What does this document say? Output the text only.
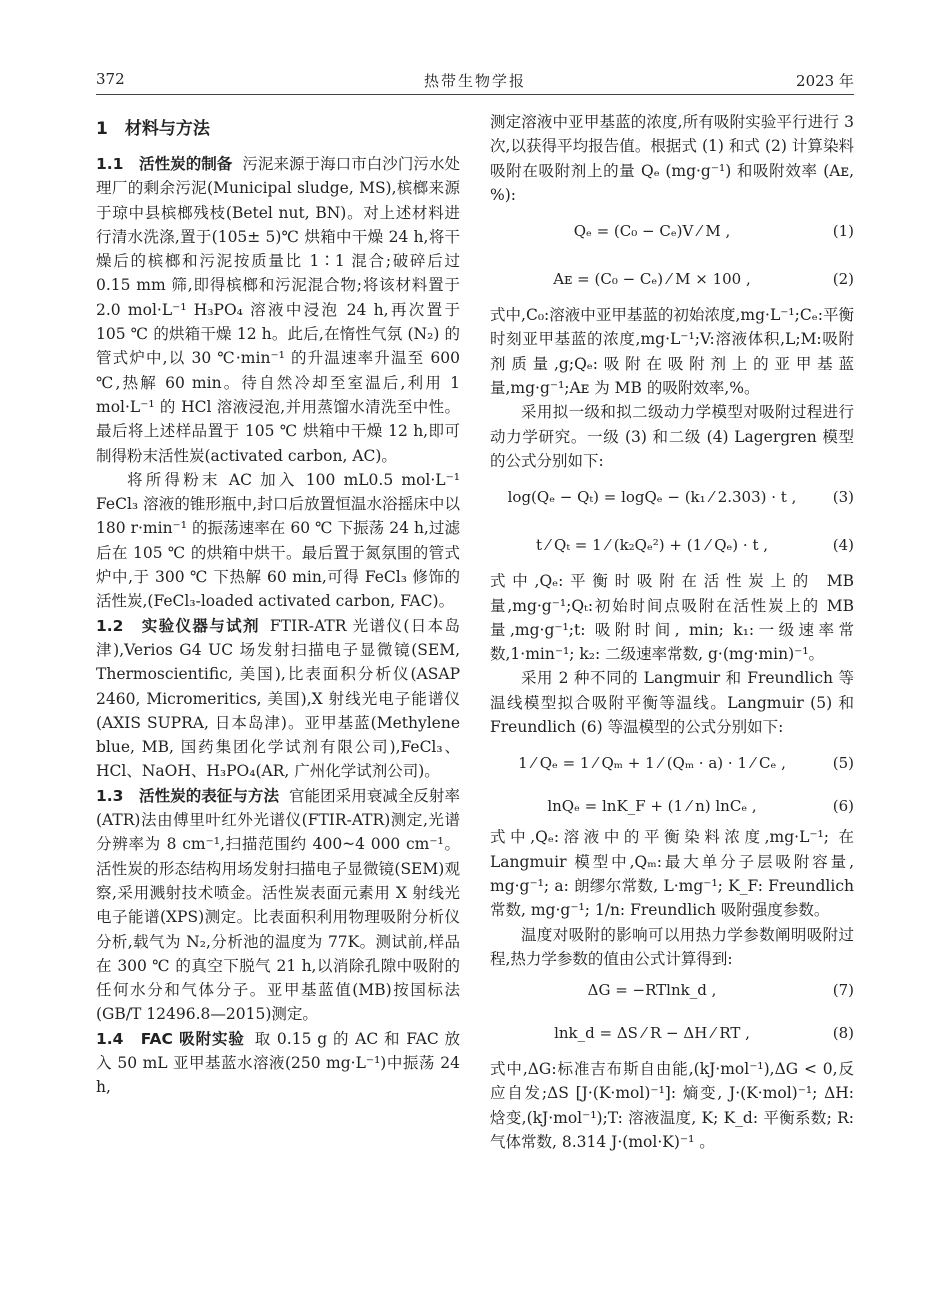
372	热带生物学报	2023 年
1　材料与方法

1.1　活性炭的制备 污泥来源于海口市白沙门污水处理厂的剩余污泥(Municipal sludge, MS),槟榔来源于琼中县槟榔残枝(Betel nut, BN)。对上述材料进行清水洗涤,置于(105± 5)℃ 烘箱中干燥 24 h,将干燥后的槟榔和污泥按质量比 1∶1 混合;破碎后过 0.15 mm 筛,即得槟榔和污泥混合物;将该材料置于 2.0 mol·L⁻¹ H₃PO₄ 溶液中浸泡 24 h,再次置于 105 ℃ 的烘箱干燥 12 h。此后,在惰性气氛 (N₂) 的管式炉中,以 30 ℃·min⁻¹ 的升温速率升温至 600 ℃,热解 60 min。待自然冷却至室温后,利用 1 mol·L⁻¹ 的 HCl 溶液浸泡,并用蒸馏水清洗至中性。最后将上述样品置于 105 ℃ 烘箱中干燥 12 h,即可制得粉末活性炭(activated carbon, AC)。

将所得粉末 AC 加入 100 mL0.5 mol·L⁻¹ FeCl₃ 溶液的锥形瓶中,封口后放置恒温水浴摇床中以 180 r·min⁻¹ 的振荡速率在 60 ℃ 下振荡 24 h,过滤后在 105 ℃ 的烘箱中烘干。最后置于氮氛围的管式炉中,于 300 ℃ 下热解 60 min,可得 FeCl₃ 修饰的活性炭,(FeCl₃-loaded activated carbon, FAC)。

1.2　实验仪器与试剂 FTIR-ATR 光谱仪(日本岛津),Verios G4 UC 场发射扫描电子显微镜(SEM, Thermoscientific, 美国),比表面积分析仪(ASAP 2460, Micromeritics, 美国),X 射线光电子能谱仪(AXIS SUPRA, 日本岛津)。亚甲基蓝(Methylene blue, MB, 国药集团化学试剂有限公司),FeCl₃、HCl、NaOH、H₃PO₄(AR, 广州化学试剂公司)。

1.3　活性炭的表征与方法 官能团采用衰减全反射率(ATR)法由傅里叶红外光谱仪(FTIR-ATR)测定,光谱分辨率为 8 cm⁻¹,扫描范围约 400~4 000 cm⁻¹。活性炭的形态结构用场发射扫描电子显微镜(SEM)观察,采用溅射技术喷金。活性炭表面元素用 X 射线光电子能谱(XPS)测定。比表面积利用物理吸附分析仪分析,载气为 N₂,分析池的温度为 77K。测试前,样品在 300 ℃ 的真空下脱气 21 h,以消除孔隙中吸附的任何水分和气体分子。亚甲基蓝值(MB)按国标法(GB/T 12496.8—2015)测定。

1.4　FAC 吸附实验 取 0.15 g 的 AC 和 FAC 放入 50 mL 亚甲基蓝水溶液(250 mg·L⁻¹)中振荡 24 h,

测定溶液中亚甲基蓝的浓度,所有吸附实验平行进行 3 次,以获得平均报告值。根据式 (1) 和式 (2) 计算染料吸附在吸附剂上的量 Qₑ (mg·g⁻¹) 和吸附效率 (Aᴇ, %):

Qₑ = (C₀ − Cₑ)V ⁄ M ,	(1)
Aᴇ = (C₀ − Cₑ) ⁄ M × 100 ,	(2)

式中,C₀:溶液中亚甲基蓝的初始浓度,mg·L⁻¹;Cₑ:平衡时刻亚甲基蓝的浓度,mg·L⁻¹;V:溶液体积,L;M:吸附剂质量,g;Qₑ:吸附在吸附剂上的亚甲基蓝量,mg·g⁻¹;Aᴇ 为 MB 的吸附效率,%。

采用拟一级和拟二级动力学模型对吸附过程进行动力学研究。一级 (3) 和二级 (4) Lagergren 模型的公式分别如下:

log(Qₑ − Qₜ) = logQₑ − (k₁ ⁄ 2.303) · t ,	(3)
t ⁄ Qₜ = 1 ⁄ (k₂Qₑ²) + (1 ⁄ Qₑ) · t ,	(4)

式中,Qₑ:平衡时吸附在活性炭上的 MB 量,mg·g⁻¹;Qₜ:初始时间点吸附在活性炭上的 MB 量,mg·g⁻¹;t: 吸附时间, min; k₁:一级速率常数,1·min⁻¹; k₂: 二级速率常数, g·(mg·min)⁻¹。

采用 2 种不同的 Langmuir 和 Freundlich 等温线模型拟合吸附平衡等温线。Langmuir (5) 和 Freundlich (6) 等温模型的公式分别如下:

1 ⁄ Qₑ = 1 ⁄ Qₘ + 1 ⁄ (Qₘ · a) · 1 ⁄ Cₑ ,	(5)
lnQₑ = lnK_F + (1 ⁄ n) lnCₑ ,	(6)

式中,Qₑ:溶液中的平衡染料浓度,mg·L⁻¹; 在 Langmuir 模型中,Qₘ:最大单分子层吸附容量, mg·g⁻¹; a: 朗缪尔常数, L·mg⁻¹; K_F: Freundlich 常数, mg·g⁻¹; 1/n: Freundlich 吸附强度参数。

温度对吸附的影响可以用热力学参数阐明吸附过程,热力学参数的值由公式计算得到:

ΔG = −RTlnk_d ,	(7)
lnk_d = ΔS ⁄ R − ΔH ⁄ RT ,	(8)

式中,ΔG:标准吉布斯自由能,(kJ·mol⁻¹),ΔG < 0,反应自发;ΔS [J·(K·mol)⁻¹]: 熵变, J·(K·mol)⁻¹; ΔH: 焓变,(kJ·mol⁻¹);T: 溶液温度, K; K_d: 平衡系数; R: 气体常数, 8.314 J·(mol·K)⁻¹ 。
